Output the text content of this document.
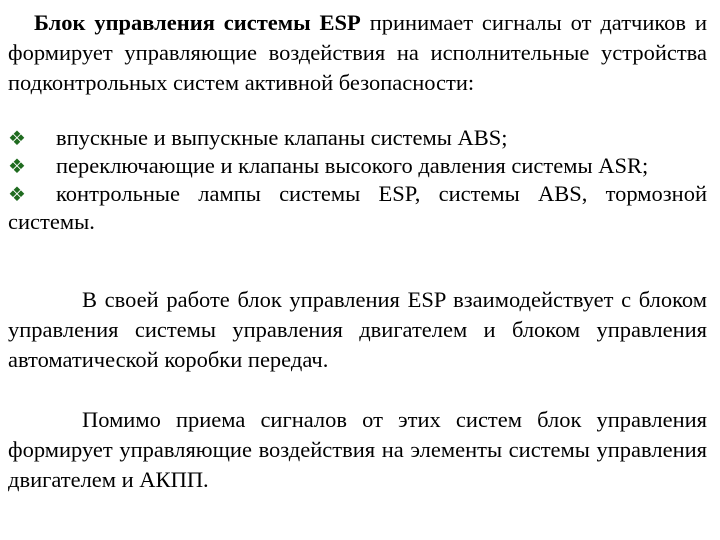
Блок управления системы ESP принимает сигналы от датчиков и формирует управляющие воздействия на исполнительные устройства подконтрольных систем активной безопасности:

❖ впускные и выпускные клапаны системы ABS;
❖ переключающие и клапаны высокого давления системы ASR;
❖ контрольные лампы системы ESP, системы ABS, тормозной системы.

В своей работе блок управления ESP взаимодействует с блоком управления системы управления двигателем и блоком управления автоматической коробки передач.

Помимо приема сигналов от этих систем блок управления формирует управляющие воздействия на элементы системы управления двигателем и АКПП.
